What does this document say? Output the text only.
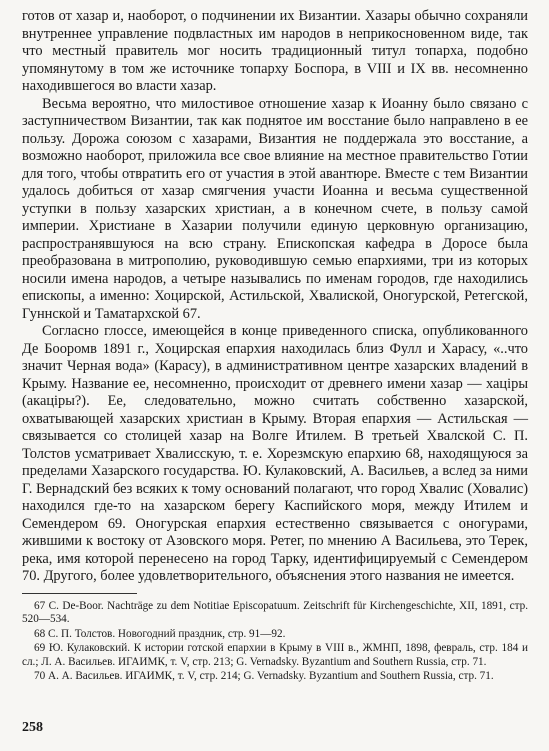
готов от хазар и, наоборот, о подчинении их Византии. Хазары обычно сохраняли внутреннее управление подвластных им народов в неприкосновенном виде, так что местный правитель мог носить традиционный титул топарха, подобно упомянутому в том же источнике топарху Боспора, в VIII и IX вв. несомненно находившегося во власти хазар.

Весьма вероятно, что милостивое отношение хазар к Иоанну было связано с заступничеством Византии, так как поднятое им восстание было направлено в ее пользу. Дорожа союзом с хазарами, Византия не поддержала это восстание, а возможно наоборот, приложила все свое влияние на местное правительство Готии для того, чтобы отвратить его от участия в этой авантюре. Вместе с тем Византии удалось добиться от хазар смягчения участи Иоанна и весьма существенной уступки в пользу хазарских христиан, а в конечном счете, в пользу самой империи. Христиане в Хазарии получили единую церковную организацию, распространявшуюся на всю страну. Епископская кафедра в Доросе была преобразована в митрополию, руководившую семью епархиями, три из которых носили имена народов, а четыре назывались по именам городов, где находились епископы, а именно: Хоцирской, Астильской, Хвалиской, Оногурской, Ретегской, Гуннской и Таматархской 67.

Согласно глоссе, имеющейся в конце приведенного списка, опубликованного Де Бооромв 1891 г., Хоцирская епархия находилась близ Фулл и Харасу, «..что значит Черная вода» (Карасу), в административном центре хазарских владений в Крыму. Название ее, несомненно, происходит от древнего имени хазар — хацiры (акацiры?). Ее, следовательно, можно считать собственно хазарской, охватывающей хазарских христиан в Крыму. Вторая епархия — Астильская — связывается со столицей хазар на Волге Итилем. В третьей Хвалской С. П. Толстов усматривает Хвалисскую, т. е. Хорезмскую епархию 68, находящуюся за пределами Хазарского государства. Ю. Кулаковский, А. Васильев, а вслед за ними Г. Вернадский без всяких к тому оснований полагают, что город Хвалис (Ховалис) находился где-то на хазарском берегу Каспийского моря, между Итилем и Семендером 69. Оногурская епархия естественно связывается с оногурами, жившими к востоку от Азовского моря. Ретег, по мнению А Васильева, это Терек, река, имя которой перенесено на город Тарку, идентифицируемый с Семендером 70. Другого, более удовлетворительного, объяснения этого названия не имеется.

67 C. De-Boor. Nachträge zu dem Notitiae Episcopatuum. Zeitschrift für Kirchengeschichte, XII, 1891, стр. 520—534.

68 С. П. Толстов. Новогодний праздник, стр. 91—92.

69 Ю. Кулаковский. К истории готской епархии в Крыму в VIII в., ЖМНП, 1898, февраль, стр. 184 и сл.; Л. А. Васильев. ИГАИМК, т. V, стр. 213; G. Vernadsky. Byzantium and Southern Russia, стр. 71.

70 А. А. Васильев. ИГАИМК, т. V, стр. 214; G. Vernadsky. Byzantium and Southern Russia, стр. 71.

258
